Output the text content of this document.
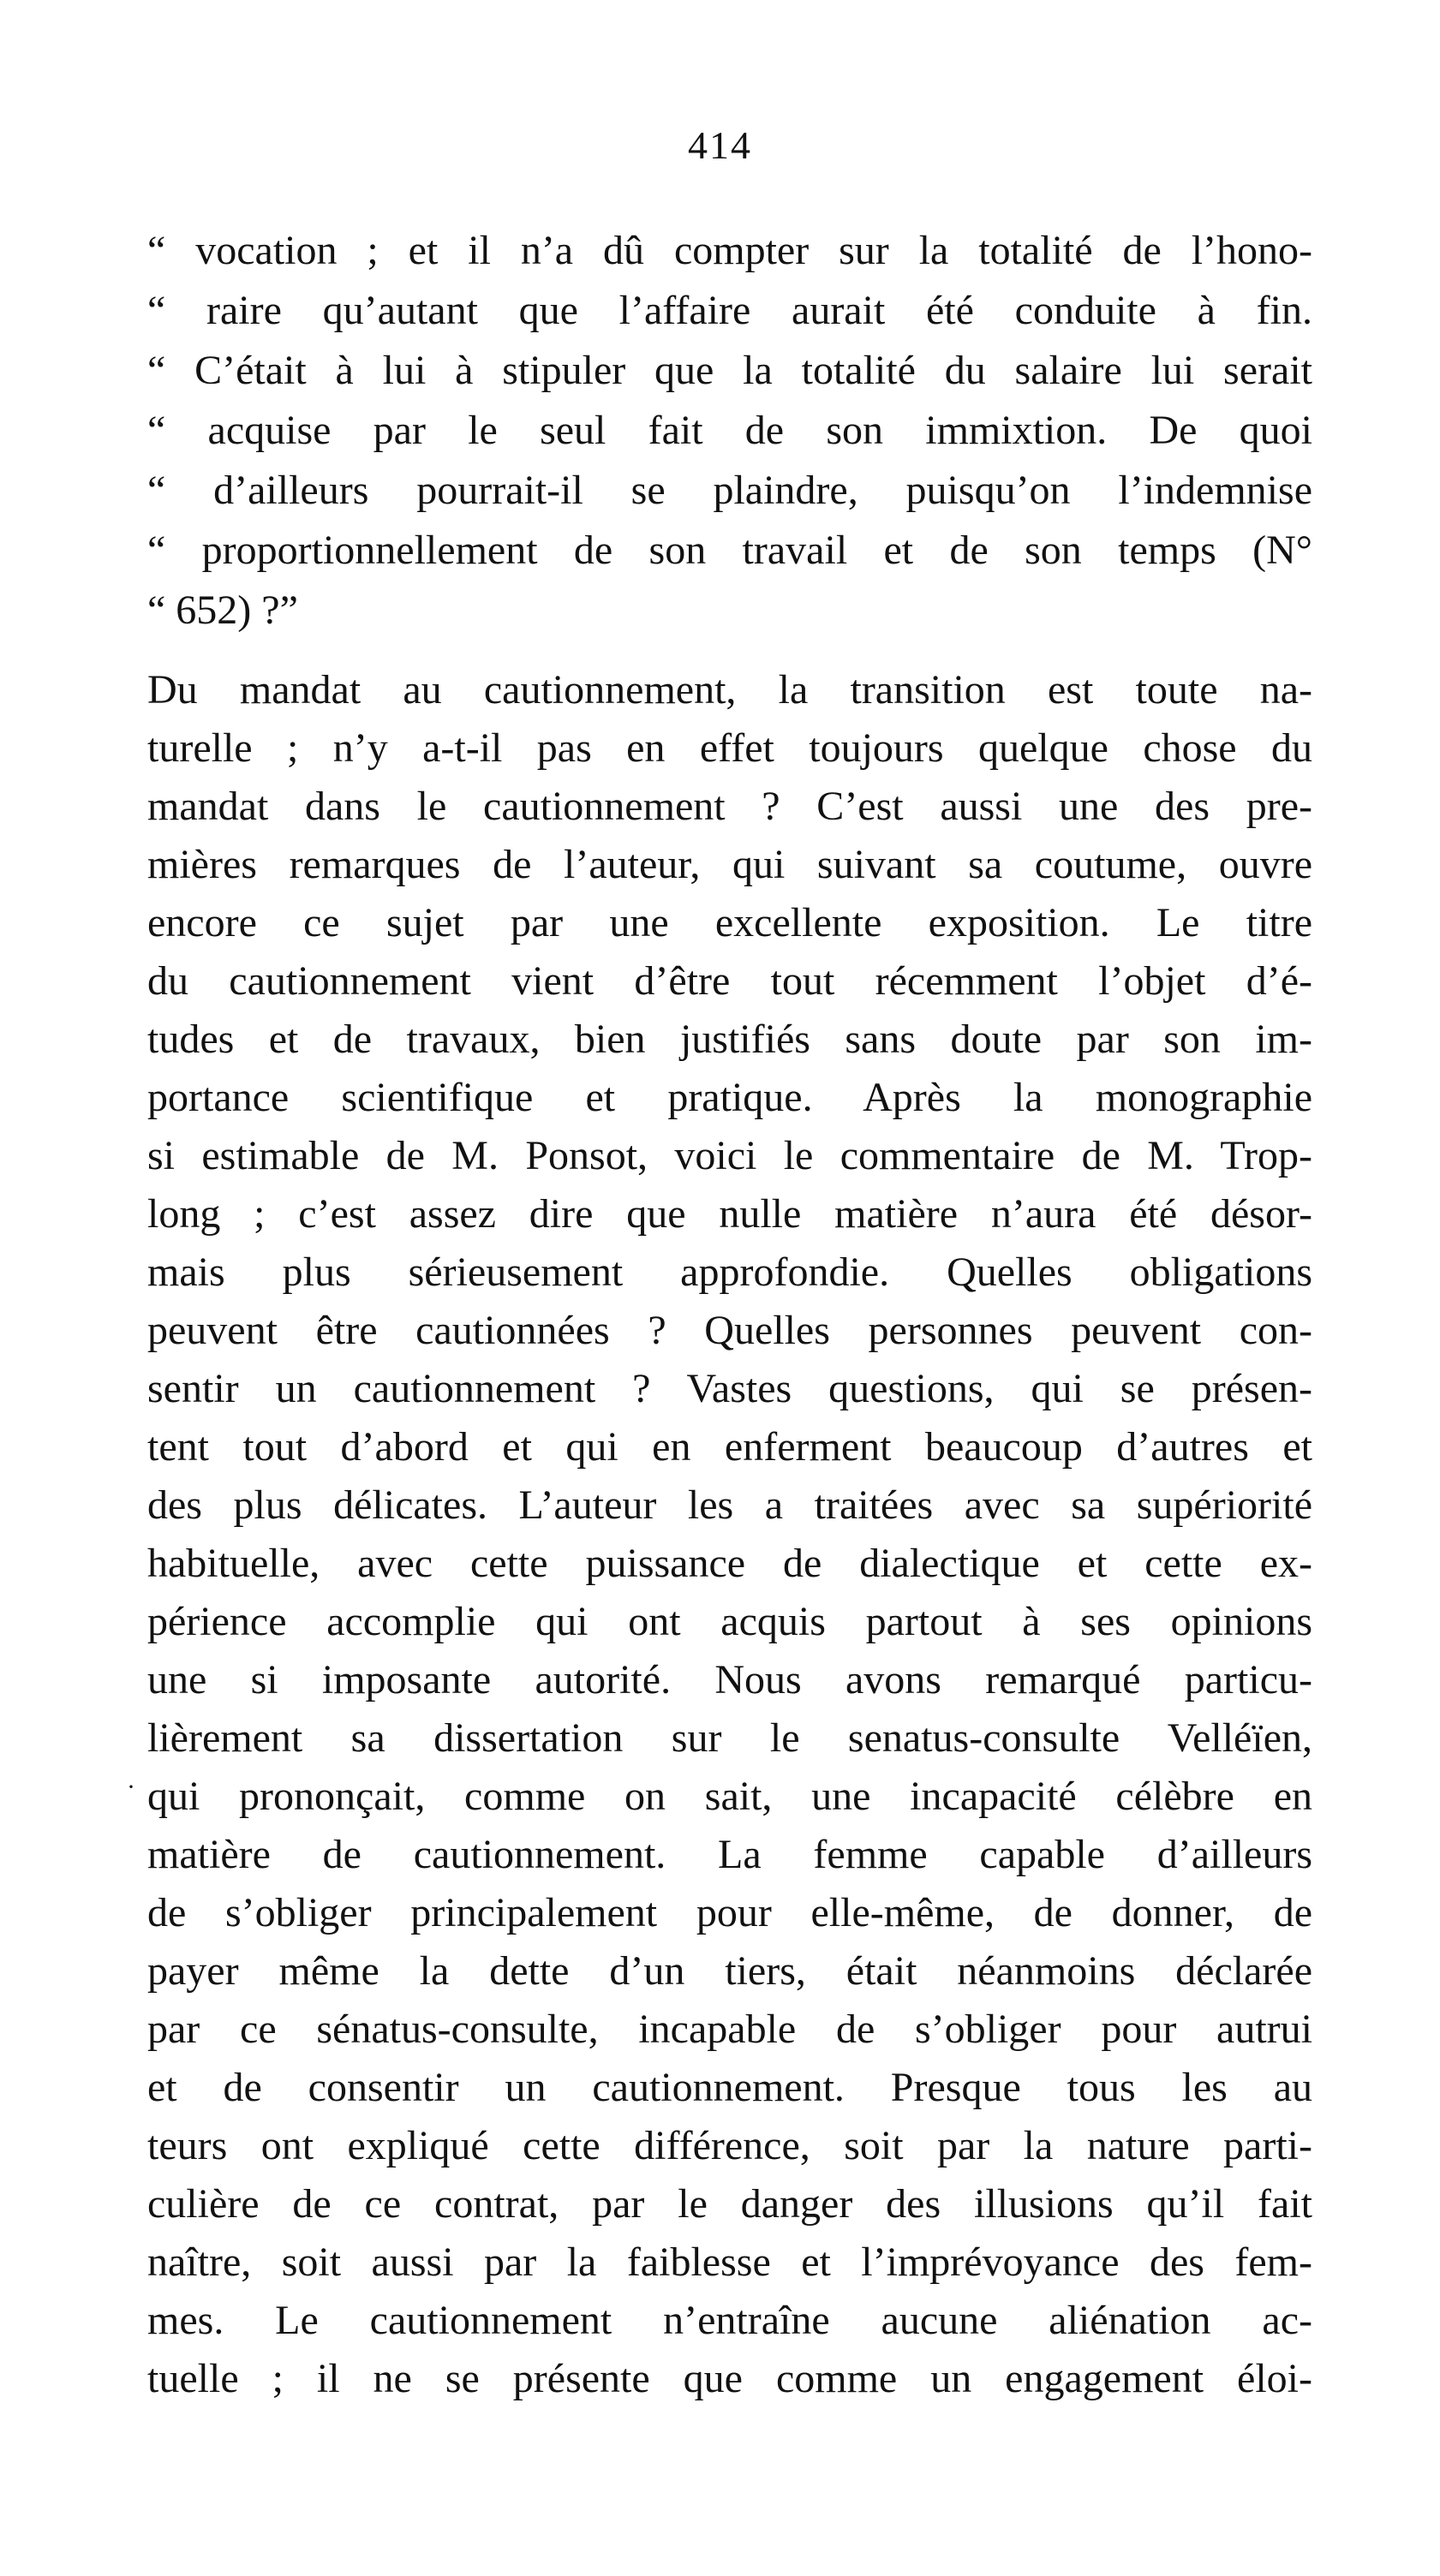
414
“ vocation ; et il n’a dû compter sur la totalité de l’hono-
“ raire qu’autant que l’affaire aurait été conduite à fin.
“ C’était à lui à stipuler que la totalité du salaire lui serait
“ acquise par le seul fait de son immixtion. De quoi
“ d’ailleurs pourrait-il se plaindre, puisqu’on l’indemnise
“ proportionnellement de son travail et de son temps (N°
“ 652) ?”
Du mandat au cautionnement, la transition est toute na-
turelle ; n’y a-t-il pas en effet toujours quelque chose du
mandat dans le cautionnement ? C’est aussi une des pre-
mières remarques de l’auteur, qui suivant sa coutume, ouvre
encore ce sujet par une excellente exposition. Le titre
du cautionnement vient d’être tout récemment l’objet d’é-
tudes et de travaux, bien justifiés sans doute par son im-
portance scientifique et pratique. Après la monographie
si estimable de M. Ponsot, voici le commentaire de M. Trop-
long ; c’est assez dire que nulle matière n’aura été désor-
mais plus sérieusement approfondie. Quelles obligations
peuvent être cautionnées ? Quelles personnes peuvent con-
sentir un cautionnement ? Vastes questions, qui se présen-
tent tout d’abord et qui en enferment beaucoup d’autres et
des plus délicates. L’auteur les a traitées avec sa supériorité
habituelle, avec cette puissance de dialectique et cette ex-
périence accomplie qui ont acquis partout à ses opinions
une si imposante autorité. Nous avons remarqué particu-
lièrement sa dissertation sur le senatus-consulte Velléïen,
qui prononçait, comme on sait, une incapacité célèbre en
matière de cautionnement. La femme capable d’ailleurs
de s’obliger principalement pour elle-même, de donner, de
payer même la dette d’un tiers, était néanmoins déclarée
par ce sénatus-consulte, incapable de s’obliger pour autrui
et de consentir un cautionnement. Presque tous les au
teurs ont expliqué cette différence, soit par la nature parti-
culière de ce contrat, par le danger des illusions qu’il fait
naître, soit aussi par la faiblesse et l’imprévoyance des fem-
mes. Le cautionnement n’entraîne aucune aliénation ac-
tuelle ; il ne se présente que comme un engagement éloi-
·
